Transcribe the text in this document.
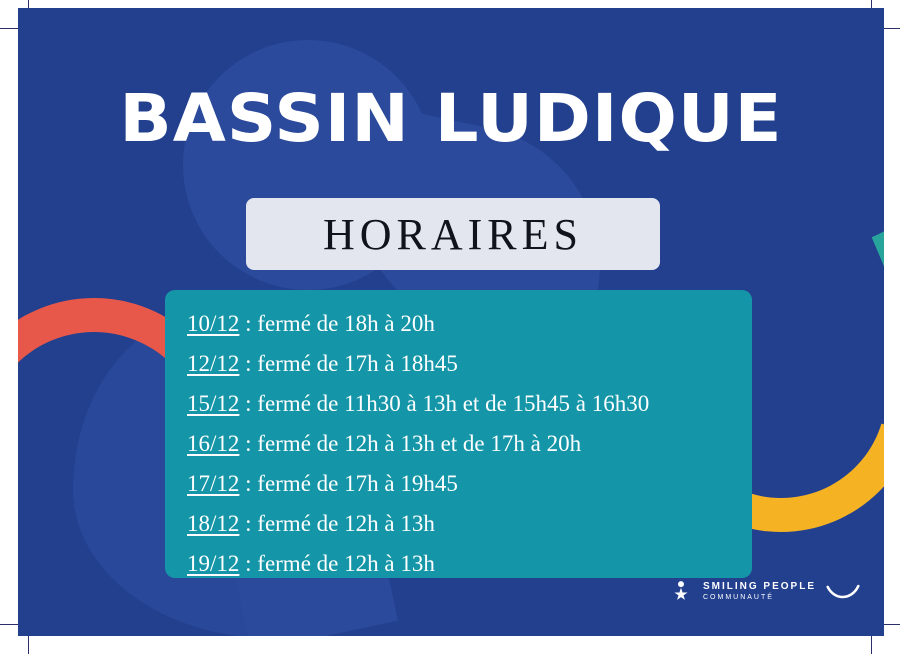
BASSIN LUDIQUE
HORAIRES
10/12 : fermé de 18h à 20h
12/12 : fermé de 17h à 18h45
15/12 : fermé de 11h30 à 13h et de 15h45 à 16h30
16/12 : fermé de 12h à 13h et de 17h à 20h
17/12 : fermé de 17h à 19h45
18/12 : fermé de 12h à 13h
19/12 : fermé de 12h à 13h
SMILING PEOPLE
COMMUNAUTÉ
